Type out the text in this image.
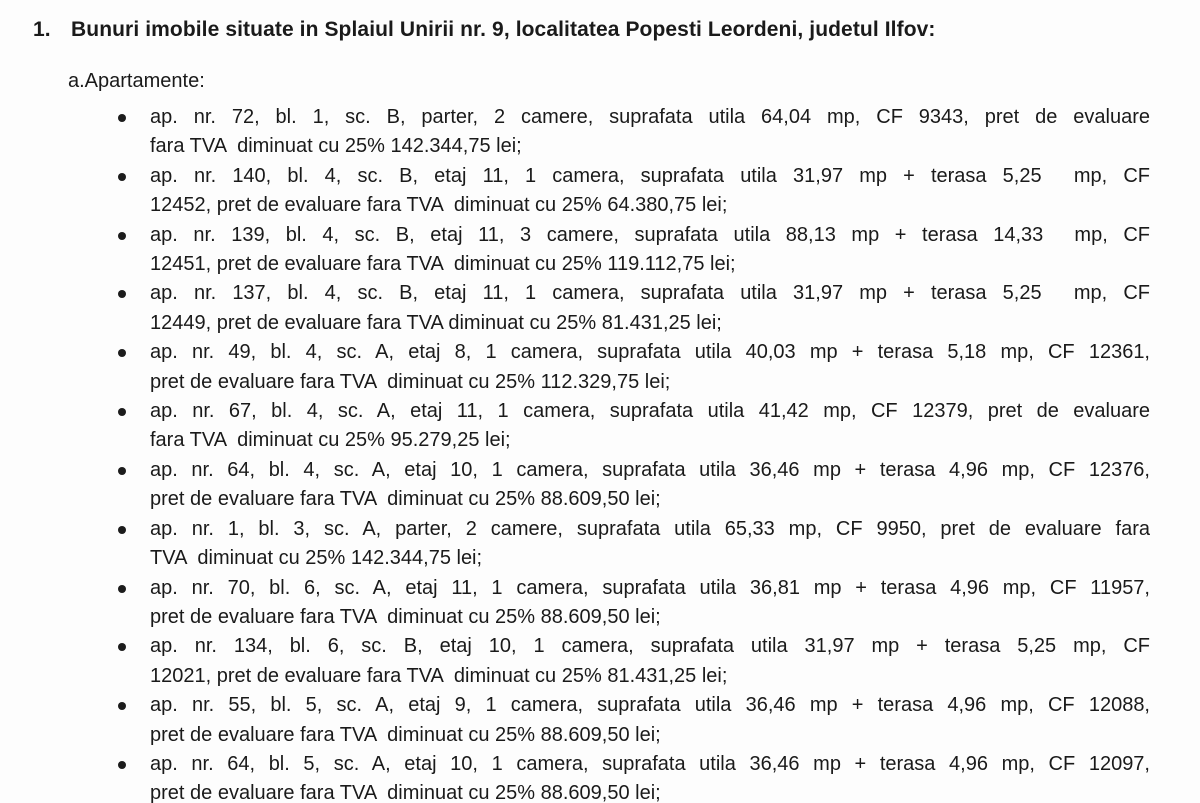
1. Bunuri imobile situate in Splaiul Unirii nr. 9, localitatea Popesti Leordeni, judetul Ilfov:
a.Apartamente:
ap. nr. 72, bl. 1, sc. B, parter, 2 camere, suprafata utila 64,04 mp, CF 9343, pret de evaluare
fara TVA  diminuat cu 25% 142.344,75 lei;
ap. nr. 140, bl. 4, sc. B, etaj 11, 1 camera, suprafata utila 31,97 mp + terasa 5,25  mp, CF
12452, pret de evaluare fara TVA  diminuat cu 25% 64.380,75 lei;
ap. nr. 139, bl. 4, sc. B, etaj 11, 3 camere, suprafata utila 88,13 mp + terasa 14,33  mp, CF
12451, pret de evaluare fara TVA  diminuat cu 25% 119.112,75 lei;
ap. nr. 137, bl. 4, sc. B, etaj 11, 1 camera, suprafata utila 31,97 mp + terasa 5,25  mp, CF
12449, pret de evaluare fara TVA diminuat cu 25% 81.431,25 lei;
ap. nr. 49, bl. 4, sc. A, etaj 8, 1 camera, suprafata utila 40,03 mp + terasa 5,18 mp, CF 12361,
pret de evaluare fara TVA  diminuat cu 25% 112.329,75 lei;
ap. nr. 67, bl. 4, sc. A, etaj 11, 1 camera, suprafata utila 41,42 mp, CF 12379, pret de evaluare
fara TVA  diminuat cu 25% 95.279,25 lei;
ap. nr. 64, bl. 4, sc. A, etaj 10, 1 camera, suprafata utila 36,46 mp + terasa 4,96 mp, CF 12376,
pret de evaluare fara TVA  diminuat cu 25% 88.609,50 lei;
ap. nr. 1, bl. 3, sc. A, parter, 2 camere, suprafata utila 65,33 mp, CF 9950, pret de evaluare fara
TVA  diminuat cu 25% 142.344,75 lei;
ap. nr. 70, bl. 6, sc. A, etaj 11, 1 camera, suprafata utila 36,81 mp + terasa 4,96 mp, CF 11957,
pret de evaluare fara TVA  diminuat cu 25% 88.609,50 lei;
ap. nr. 134, bl. 6, sc. B, etaj 10, 1 camera, suprafata utila 31,97 mp + terasa 5,25 mp, CF
12021, pret de evaluare fara TVA  diminuat cu 25% 81.431,25 lei;
ap. nr. 55, bl. 5, sc. A, etaj 9, 1 camera, suprafata utila 36,46 mp + terasa 4,96 mp, CF 12088,
pret de evaluare fara TVA  diminuat cu 25% 88.609,50 lei;
ap. nr. 64, bl. 5, sc. A, etaj 10, 1 camera, suprafata utila 36,46 mp + terasa 4,96 mp, CF 12097,
pret de evaluare fara TVA  diminuat cu 25% 88.609,50 lei;
